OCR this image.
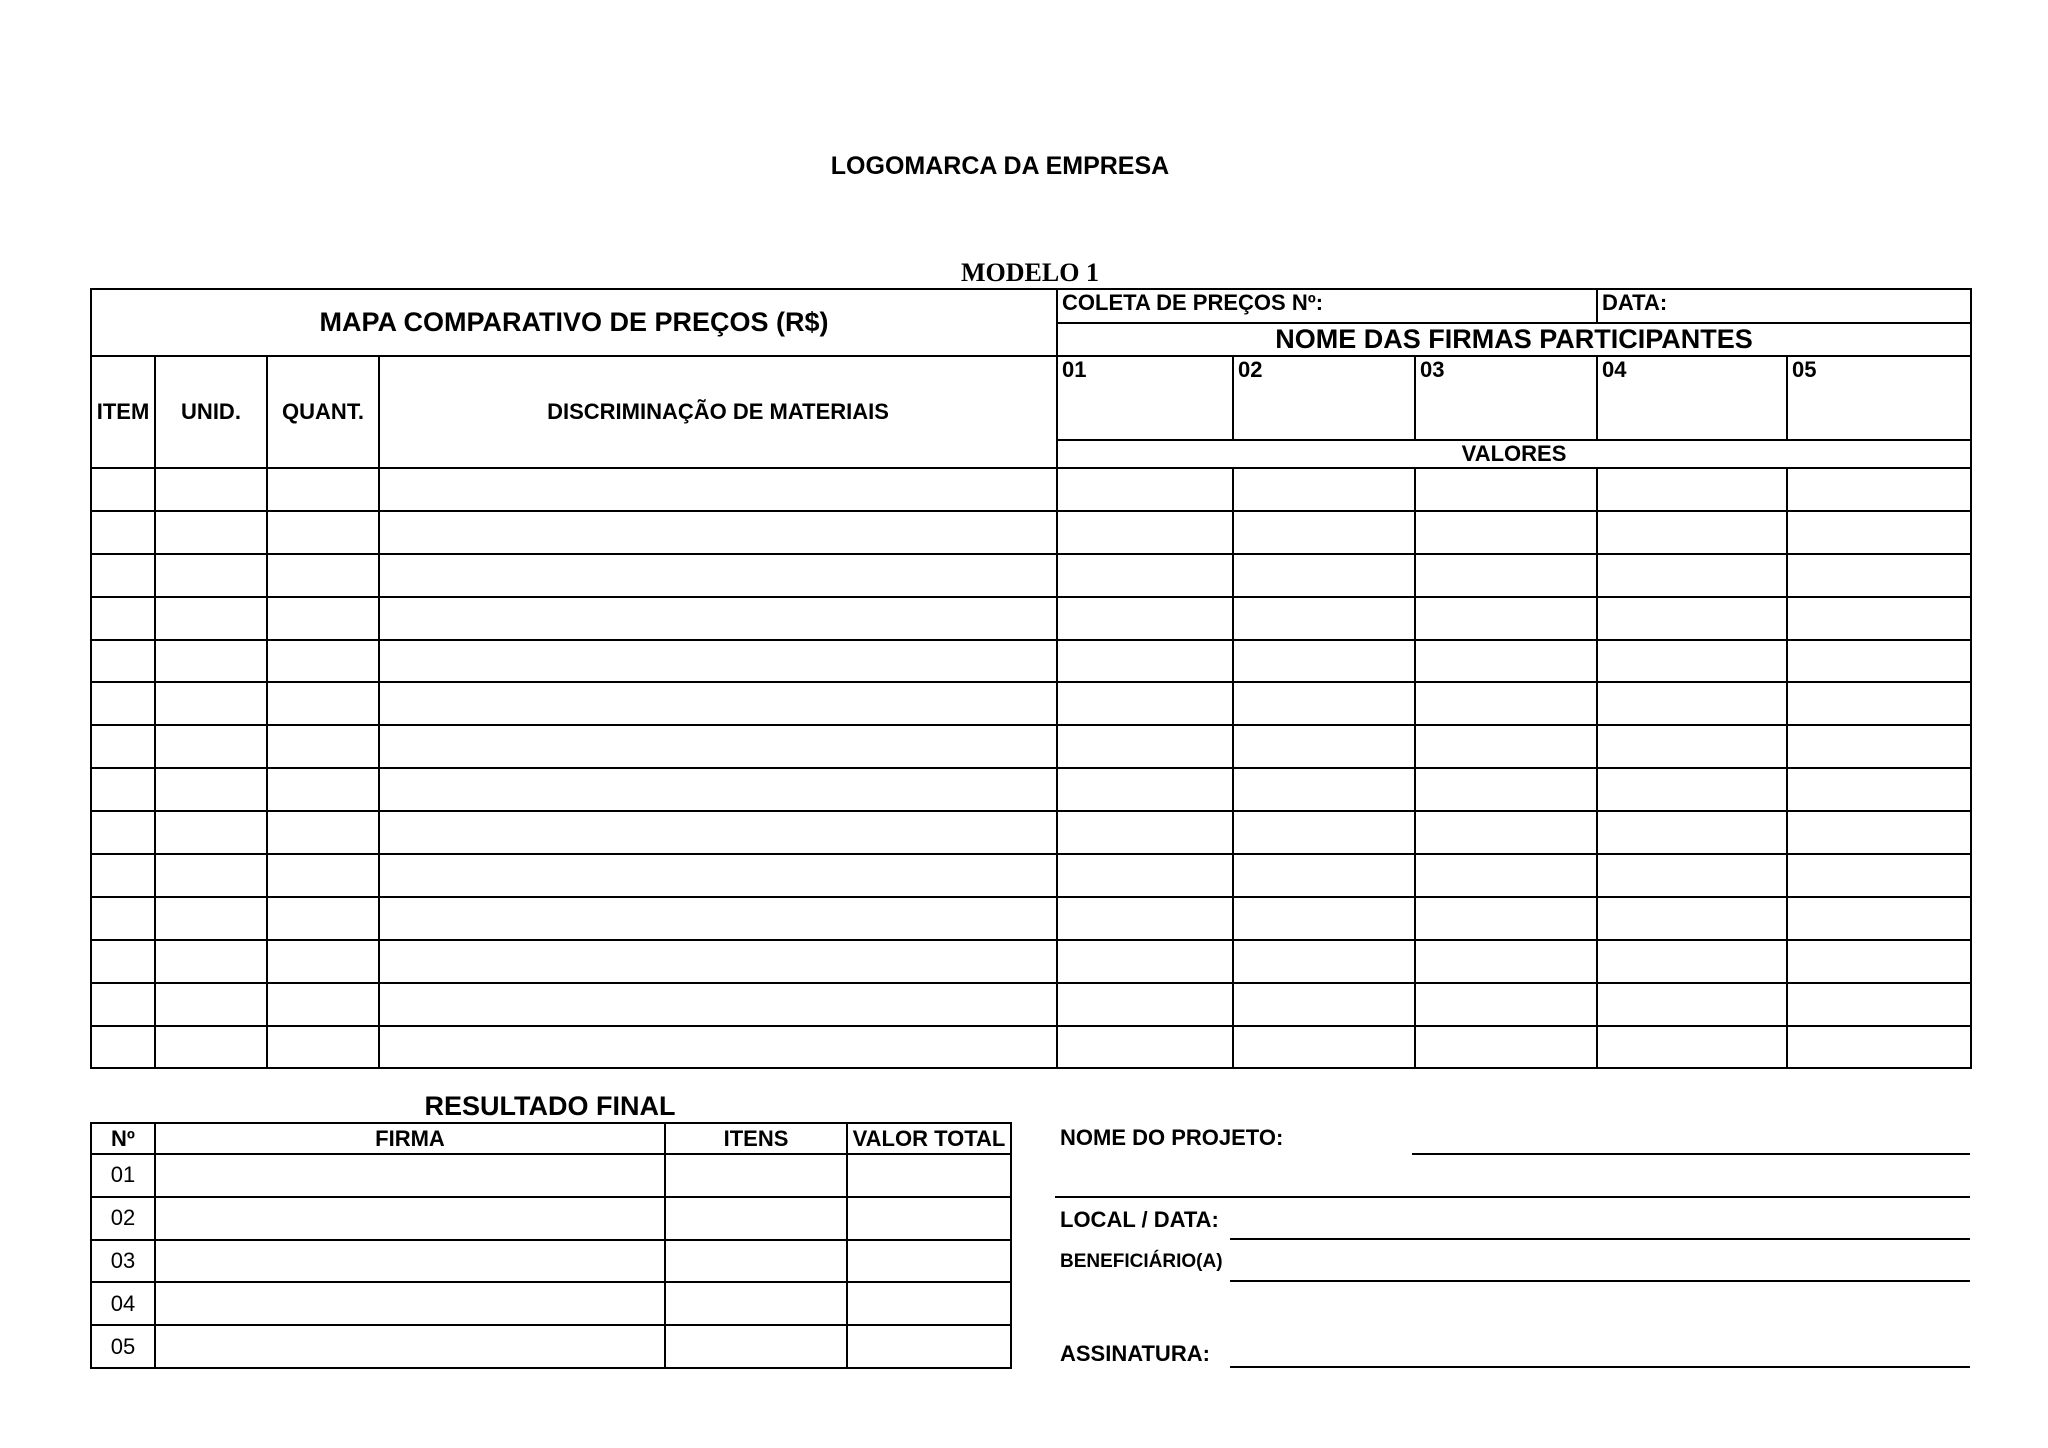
LOGOMARCA DA EMPRESA
MODELO 1
MAPA COMPARATIVO DE PREÇOS (R$)				COLETA DE PREÇOS Nº:			DATA:	
				NOME DAS FIRMAS PARTICIPANTES				
ITEM	UNID.	QUANT.	DISCRIMINAÇÃO DE MATERIAIS	01	02	03	04	05
				VALORES				

RESULTADO FINAL
Nº	FIRMA	ITENS	VALOR TOTAL
01			
02			
03			
04			
05			
NOME DO PROJETO:
LOCAL / DATA:
BENEFICIÁRIO(A)
ASSINATURA:
